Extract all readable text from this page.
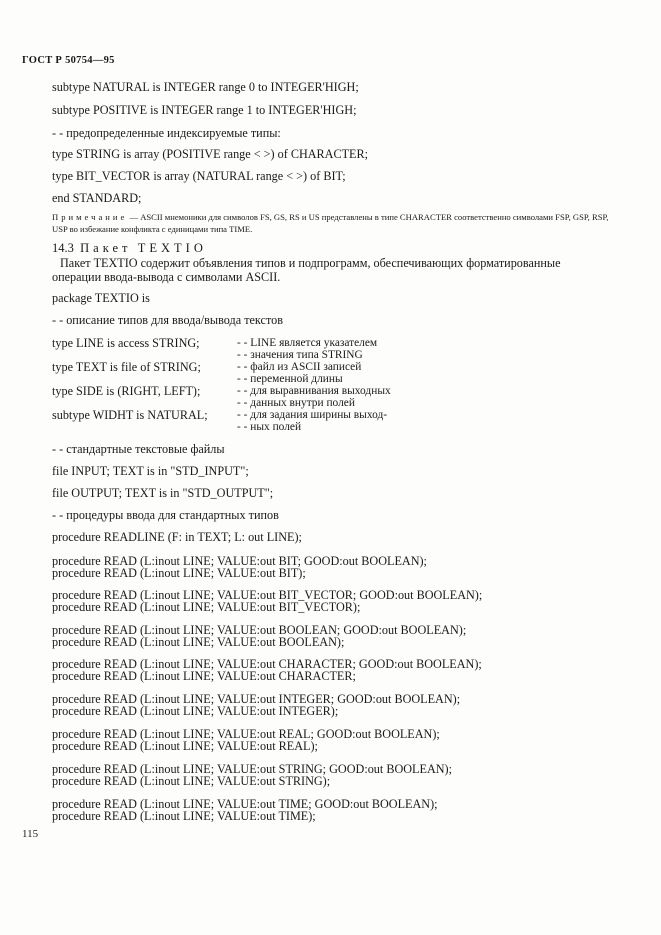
ГОСТ Р 50754—95
subtype NATURAL is INTEGER range 0 to INTEGER'HIGH;
subtype POSITIVE is INTEGER range 1 to INTEGER'HIGH;
- - предопределенные индексируемые типы:
type STRING is array (POSITIVE range < >) of CHARACTER;
type BIT_VECTOR is array (NATURAL range < >) of BIT;
end STANDARD;
Примечание — ASCII мнемоники для символов FS, GS, RS и US представлены в типе CHARACTER соответственно символами FSP, GSP, RSP, USP во избежание конфликта с единицами типа TIME.
14.3 Пакет TEXTIO
Пакет TEXTIO содержит объявления типов и подпрограмм, обеспечивающих форматированные операции ввода-вывода с символами ASCII.
package TEXTIO is
- - описание типов для ввода/вывода текстов
type LINE is access STRING;	- - LINE является указателем
- - значения типа STRING
type TEXT is file of STRING;	- - файл из ASCII записей
- - переменной длины
type SIDE is (RIGHT, LEFT);	- - для выравнивания выходных
- - данных внутри полей
subtype WIDHT is NATURAL;	- - для задания ширины выход-
- - ных полей
- - стандартные текстовые файлы
file INPUT; TEXT is in "STD_INPUT";
file OUTPUT; TEXT is in "STD_OUTPUT";
- - процедуры ввода для стандартных типов
procedure READLINE (F: in TEXT; L: out LINE);
procedure READ (L:inout LINE; VALUE:out BIT; GOOD:out BOOLEAN);
procedure READ (L:inout LINE; VALUE:out BIT);
procedure READ (L:inout LINE; VALUE:out BIT_VECTOR; GOOD:out BOOLEAN);
procedure READ (L:inout LINE; VALUE:out BIT_VECTOR);
procedure READ (L:inout LINE; VALUE:out BOOLEAN; GOOD:out BOOLEAN);
procedure READ (L:inout LINE; VALUE:out BOOLEAN);
procedure READ (L:inout LINE; VALUE:out CHARACTER; GOOD:out BOOLEAN);
procedure READ (L:inout LINE; VALUE:out CHARACTER;
procedure READ (L:inout LINE; VALUE:out INTEGER; GOOD:out BOOLEAN);
procedure READ (L:inout LINE; VALUE:out INTEGER);
procedure READ (L:inout LINE; VALUE:out REAL; GOOD:out BOOLEAN);
procedure READ (L:inout LINE; VALUE:out REAL);
procedure READ (L:inout LINE; VALUE:out STRING; GOOD:out BOOLEAN);
procedure READ (L:inout LINE; VALUE:out STRING);
procedure READ (L:inout LINE; VALUE:out TIME; GOOD:out BOOLEAN);
procedure READ (L:inout LINE; VALUE:out TIME);
115
